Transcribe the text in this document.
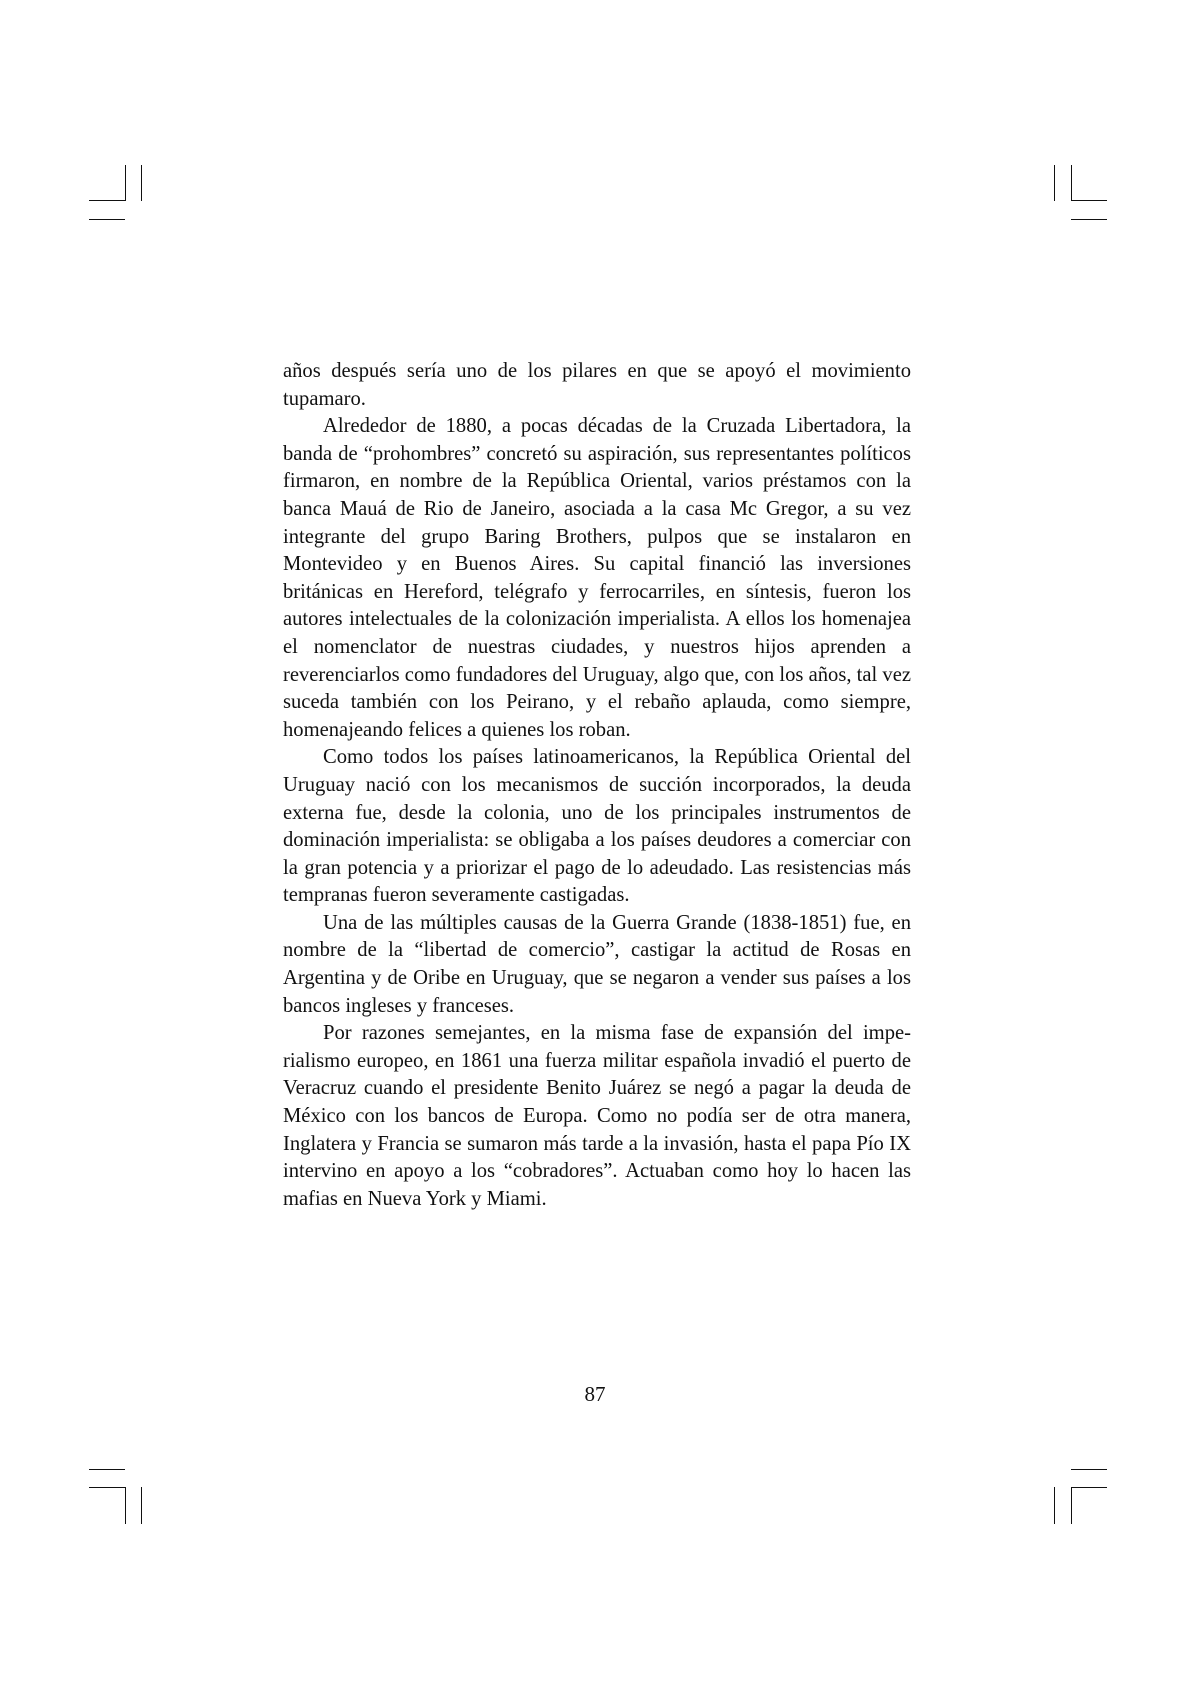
años después sería uno de los pilares en que se apoyó el movimiento tupamaro.

Alrededor de 1880, a pocas décadas de la Cruzada Libertadora, la banda de “prohombres” concretó su aspiración, sus representantes políticos firmaron, en nombre de la República Oriental, varios préstamos con la banca Mauá de Rio de Janeiro, asociada a la casa Mc Gregor, a su vez integrante del grupo Baring Brothers, pulpos que se instalaron en Montevideo y en Buenos Aires. Su capital financió las inversiones británicas en Hereford, telégrafo y ferrocarriles, en síntesis, fueron los autores intelectuales de la colonización imperialista. A ellos los homenajea el nomenclator de nuestras ciudades, y nuestros hijos aprenden a reverenciarlos como fundadores del Uruguay, algo que, con los años, tal vez suceda también con los Peirano, y el rebaño aplauda, como siempre, homenajeando felices a quienes los roban.

Como todos los países latinoamericanos, la República Oriental del Uruguay nació con los mecanismos de succión incorporados, la deuda externa fue, desde la colonia, uno de los principales instrumentos de dominación imperialista: se obligaba a los países deudores a comerciar con la gran potencia y a priorizar el pago de lo adeudado. Las resistencias más tempranas fueron severamente castigadas.

Una de las múltiples causas de la Guerra Grande (1838-1851) fue, en nombre de la “libertad de comercio”, castigar la actitud de Rosas en Argentina y de Oribe en Uruguay, que se negaron a vender sus países a los bancos ingleses y franceses.

Por razones semejantes, en la misma fase de expansión del imperialismo europeo, en 1861 una fuerza militar española invadió el puerto de Veracruz cuando el presidente Benito Juárez se negó a pagar la deuda de México con los bancos de Europa. Como no podía ser de otra manera, Inglatera y Francia se sumaron más tarde a la invasión, hasta el papa Pío IX intervino en apoyo a los “cobradores”. Actuaban como hoy lo hacen las mafias en Nueva York y Miami.

87
